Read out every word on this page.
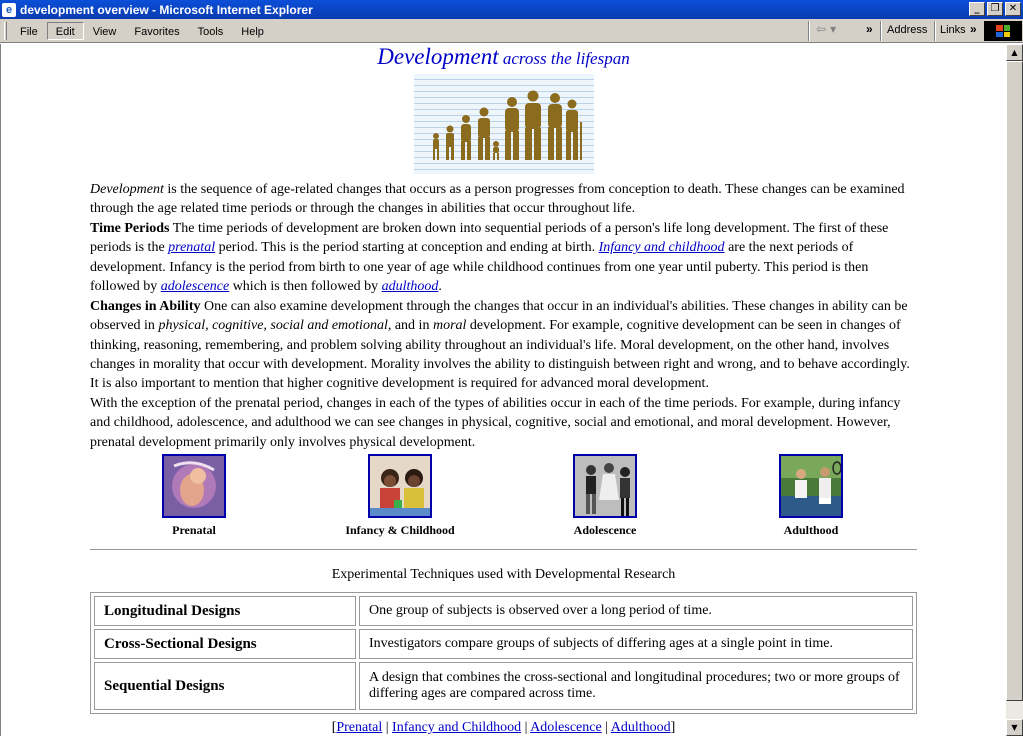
e development overview - Microsoft Internet Explorer	_	❐ ✕
File	Edit	View	Favorites	Tools	Help	⇦ ▾ » Address Links »
Development across the lifespan
Development is the sequence of age-related changes that occurs as a person progresses from conception to death. These changes can be examined through the age related time periods or through the changes in abilities that occur throughout life.
Time Periods The time periods of development are broken down into sequential periods of a person's life long development. The first of these periods is the prenatal period. This is the period starting at conception and ending at birth. Infancy and childhood are the next periods of development. Infancy is the period from birth to one year of age while childhood continues from one year until puberty. This period is then followed by adolescence which is then followed by adulthood.
Changes in Ability One can also examine development through the changes that occur in an individual's abilities. These changes in ability can be observed in physical, cognitive, social and emotional, and in moral development. For example, cognitive development can be seen in changes of thinking, reasoning, remembering, and problem solving ability throughout an individual's life. Moral development, on the other hand, involves changes in morality that occur with development. Morality involves the ability to distinguish between right and wrong, and to behave accordingly. It is also important to mention that higher cognitive development is required for advanced moral development.
With the exception of the prenatal period, changes in each of the types of abilities occur in each of the time periods. For example, during infancy and childhood, adolescence, and adulthood we can see changes in physical, cognitive, social and emotional, and moral development. However, prenatal development primarily only involves physical development.
Prenatal	Infancy & Childhood	Adolescence	Adulthood
Experimental Techniques used with Developmental Research
Longitudinal Designs	One group of subjects is observed over a long period of time.
Cross-Sectional Designs	Investigators compare groups of subjects of differing ages at a single point in time.
Sequential Designs	A design that combines the cross-sectional and longitudinal procedures; two or more groups of differing ages are compared across time.
[Prenatal | Infancy and Childhood | Adolescence | Adulthood]
▲
▼
